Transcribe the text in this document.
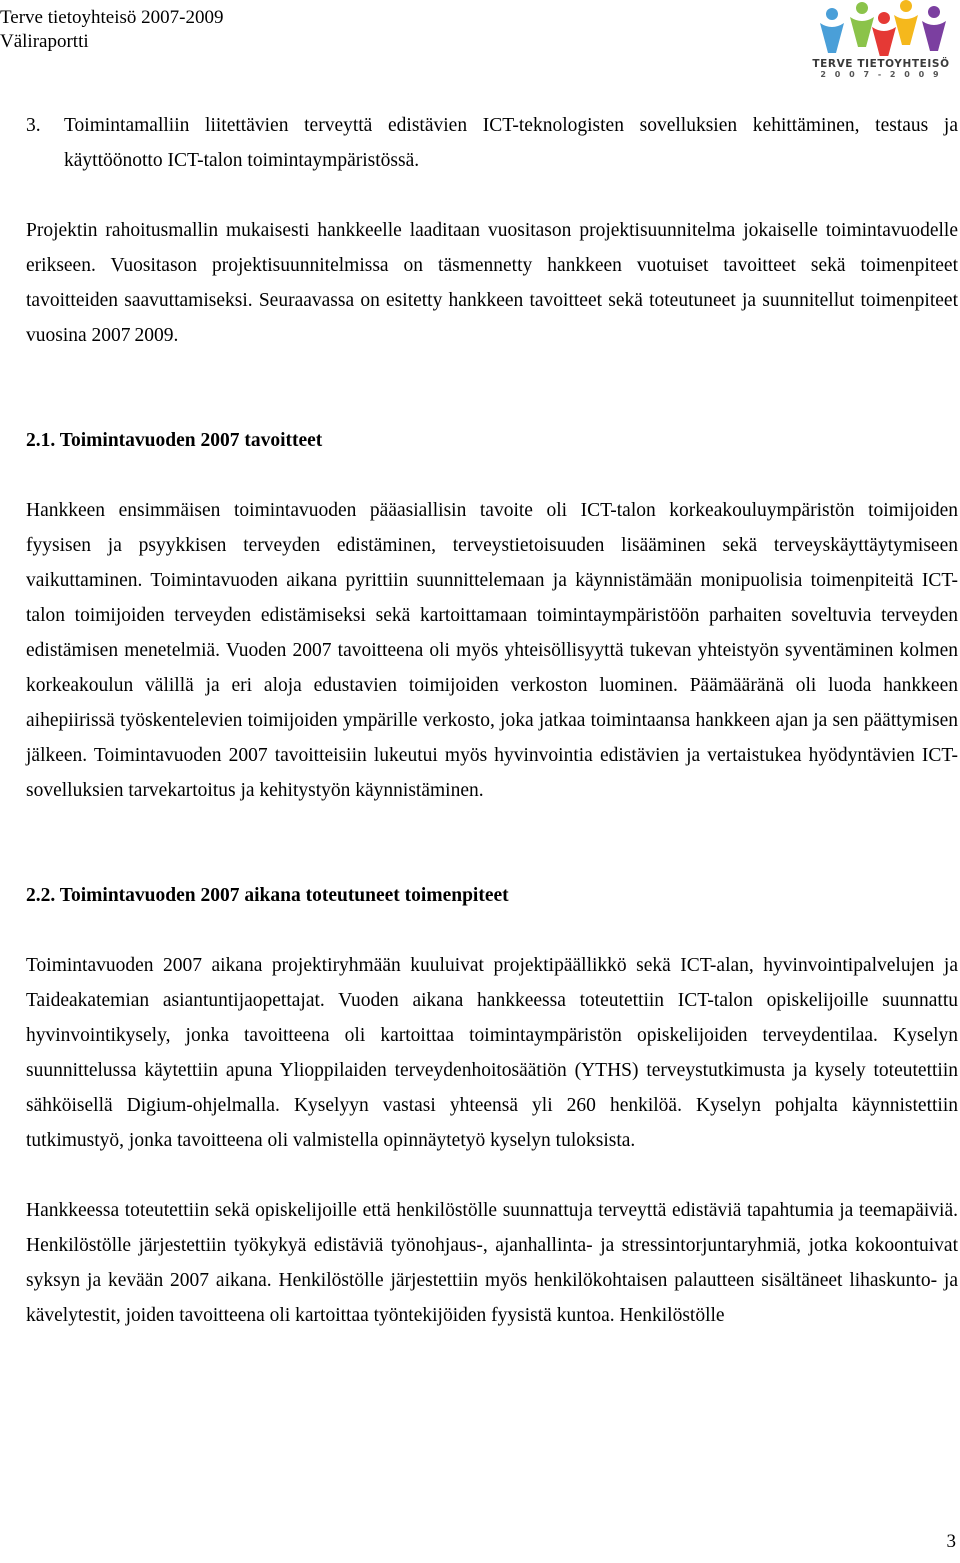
Terve tietoyhteisö 2007-2009
Väliraportti
TERVE TIETOYHTEISÖ
2 0 0 7 - 2 0 0 9
3.	Toimintamalliin liitettävien terveyttä edistävien ICT-teknologisten sovelluksien kehittäminen, testaus ja käyttöönotto ICT-talon toimintaympäristössä.

Projektin rahoitusmallin mukaisesti hankkeelle laaditaan vuositason projektisuunnitelma jokaiselle toimintavuodelle erikseen. Vuositason projektisuunnitelmissa on täsmennetty hankkeen vuotuiset tavoitteet sekä toimenpiteet tavoitteiden saavuttamiseksi. Seuraavassa on esitetty hankkeen tavoitteet sekä toteutuneet ja suunnitellut toimenpiteet vuosina 2007 2009.

2.1. Toimintavuoden 2007 tavoitteet

Hankkeen ensimmäisen toimintavuoden pääasiallisin tavoite oli ICT-talon korkeakouluympäristön toimijoiden fyysisen ja psyykkisen terveyden edistäminen, terveystietoisuuden lisääminen sekä terveyskäyttäytymiseen vaikuttaminen. Toimintavuoden aikana pyrittiin suunnittelemaan ja käynnistämään monipuolisia toimenpiteitä ICT-talon toimijoiden terveyden edistämiseksi sekä kartoittamaan toimintaympäristöön parhaiten soveltuvia terveyden edistämisen menetelmiä. Vuoden 2007 tavoitteena oli myös yhteisöllisyyttä tukevan yhteistyön syventäminen kolmen korkeakoulun välillä ja eri aloja edustavien toimijoiden verkoston luominen. Päämääränä oli luoda hankkeen aihepiirissä työskentelevien toimijoiden ympärille verkosto, joka jatkaa toimintaansa hankkeen ajan ja sen päättymisen jälkeen. Toimintavuoden 2007 tavoitteisiin lukeutui myös hyvinvointia edistävien ja vertaistukea hyödyntävien ICT-sovelluksien tarvekartoitus ja kehitystyön käynnistäminen.

2.2. Toimintavuoden 2007 aikana toteutuneet toimenpiteet

Toimintavuoden 2007 aikana projektiryhmään kuuluivat projektipäällikkö sekä ICT-alan, hyvinvointipalvelujen ja Taideakatemian asiantuntijaopettajat. Vuoden aikana hankkeessa toteutettiin ICT-talon opiskelijoille suunnattu hyvinvointikysely, jonka tavoitteena oli kartoittaa toimintaympäristön opiskelijoiden terveydentilaa. Kyselyn suunnittelussa käytettiin apuna Ylioppilaiden terveydenhoitosäätiön (YTHS) terveystutkimusta ja kysely toteutettiin sähköisellä Digium-ohjelmalla. Kyselyyn vastasi yhteensä yli 260 henkilöä. Kyselyn pohjalta käynnistettiin tutkimustyö, jonka tavoitteena oli valmistella opinnäytetyö kyselyn tuloksista.

Hankkeessa toteutettiin sekä opiskelijoille että henkilöstölle suunnattuja terveyttä edistäviä tapahtumia ja teemapäiviä. Henkilöstölle järjestettiin työkykyä edistäviä työnohjaus-, ajanhallinta- ja stressintorjuntaryhmiä, jotka kokoontuivat syksyn ja kevään 2007 aikana. Henkilöstölle järjestettiin myös henkilökohtaisen palautteen sisältäneet lihaskunto- ja kävelytestit, joiden tavoitteena oli kartoittaa työntekijöiden fyysistä kuntoa. Henkilöstölle

3
